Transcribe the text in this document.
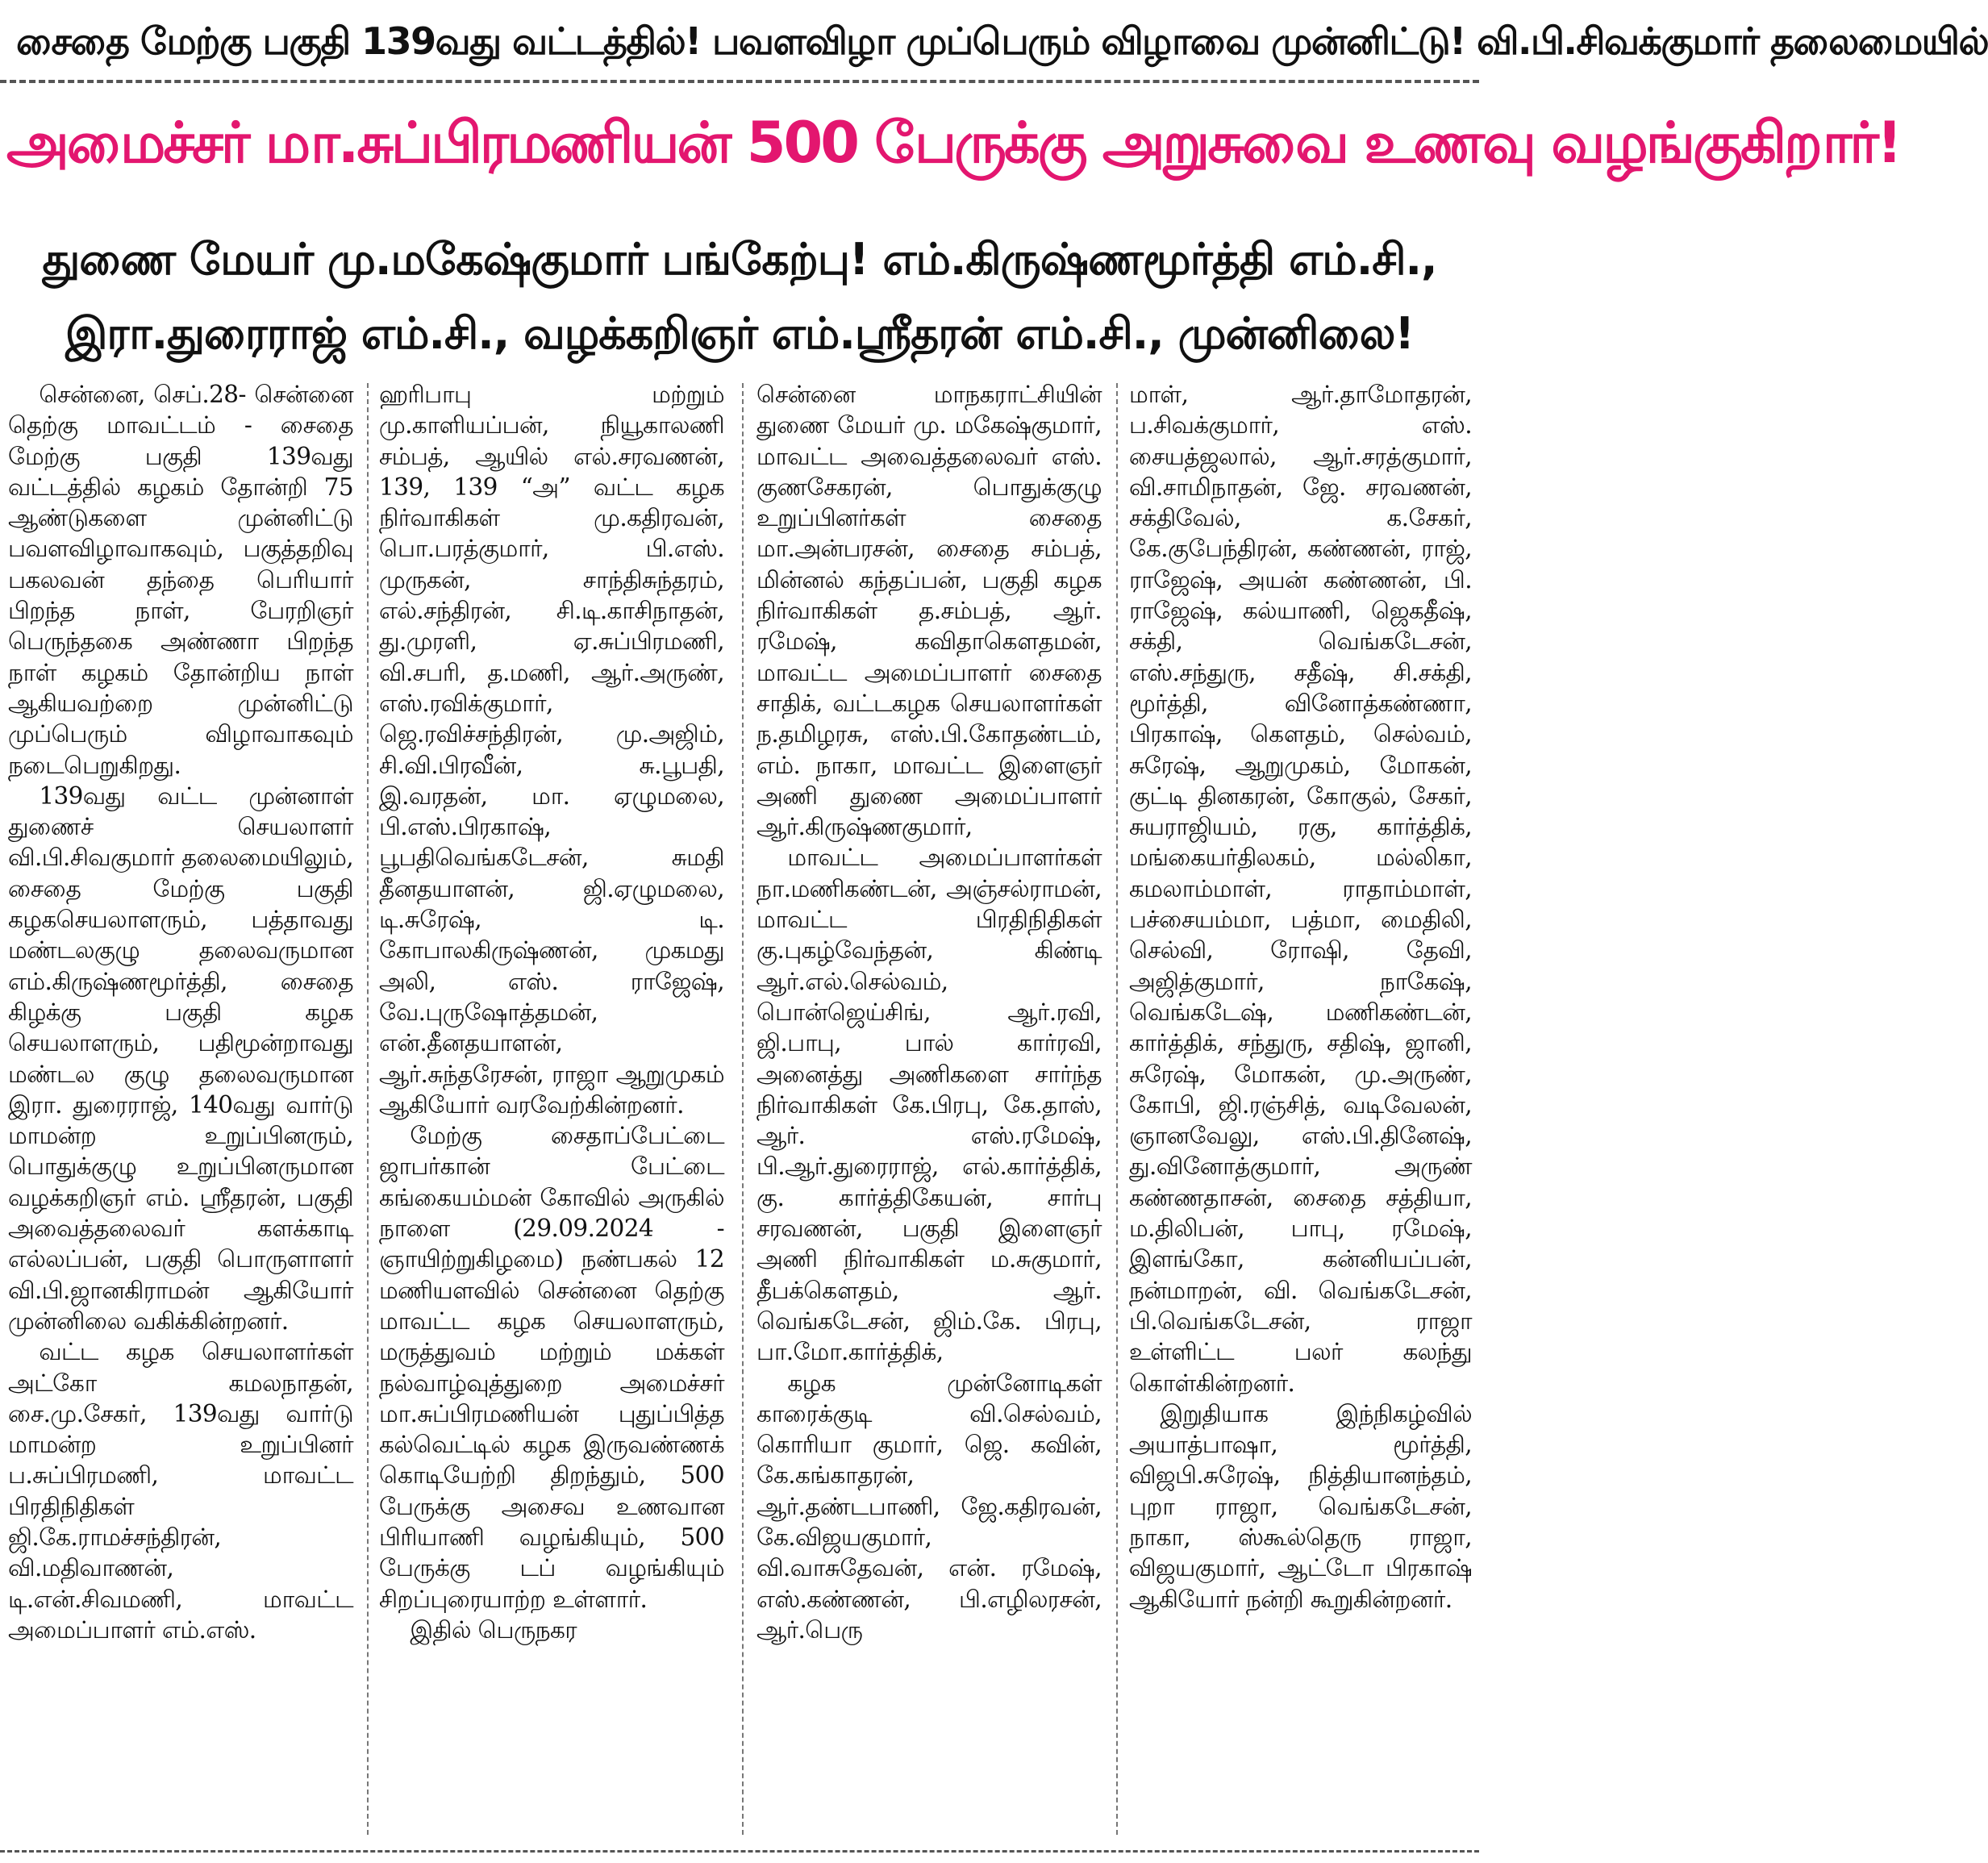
சைதை மேற்கு பகுதி 139வது வட்டத்தில்! பவளவிழா முப்பெரும் விழாவை முன்னிட்டு! வி.பி.சிவக்குமார் தலைமையில்
அமைச்சர் மா.சுப்பிரமணியன் 500 பேருக்கு அறுசுவை உணவு வழங்குகிறார்!
துணை மேயர் மு.மகேஷ்குமார் பங்கேற்பு! எம்.கிருஷ்ணமூர்த்தி எம்.சி.,
இரா.துரைராஜ் எம்.சி., வழக்கறிஞர் எம்.ஸ்ரீதரன் எம்.சி., முன்னிலை!

சென்னை, செப்.28- சென்னை தெற்கு மாவட்டம் - சைதை மேற்கு பகுதி 139வது வட்டத்தில் கழகம் தோன்றி 75 ஆண்டுகளை முன்னிட்டு பவளவிழாவாகவும், பகுத்தறிவு பகலவன் தந்தை பெரியார் பிறந்த நாள், பேரறிஞர் பெருந்தகை அண்ணா பிறந்த நாள் கழகம் தோன்றிய நாள் ஆகியவற்றை முன்னிட்டு முப்பெரும் விழாவாகவும் நடைபெறுகிறது.

139வது வட்ட முன்னாள் துணைச் செயலாளர் வி.பி.சிவகுமார் தலைமையிலும், சைதை மேற்கு பகுதி கழகசெயலாளரும், பத்தாவது மண்டலகுழு தலைவருமான எம்.கிருஷ்ணமூர்த்தி, சைதை கிழக்கு பகுதி கழக செயலாளரும், பதிமூன்றாவது மண்டல குழு தலைவருமான இரா. துரைராஜ், 140வது வார்டு மாமன்ற உறுப்பினரும், பொதுக்குழு உறுப்பினருமான வழக்கறிஞர் எம். ஸ்ரீதரன், பகுதி அவைத்தலைவர் களக்காடி எல்லப்பன், பகுதி பொருளாளர் வி.பி.ஜானகிராமன் ஆகியோர் முன்னிலை வகிக்கின்றனர்.

வட்ட கழக செயலாளர்கள் அட்கோ கமலநாதன், சை.மு.சேகர், 139வது வார்டு மாமன்ற உறுப்பினர் ப.சுப்பிரமணி, மாவட்ட பிரதிநிதிகள் ஜி.கே.ராமச்சந்திரன், வி.மதிவாணன், டி.என்.சிவமணி, மாவட்ட அமைப்பாளர் எம்.எஸ்.

ஹரிபாபு மற்றும் மு.காளியப்பன், நியூகாலணி சம்பத், ஆயில் எல்.சரவணன், 139, 139 “அ” வட்ட கழக நிர்வாகிகள் மு.கதிரவன், பொ.பரத்குமார், பி.எஸ். முருகன், சாந்திசுந்தரம், எல்.சந்திரன், சி.டி.காசிநாதன், து.முரளி, ஏ.சுப்பிரமணி, வி.சபரி, த.மணி, ஆர்.அருண், எஸ்.ரவிக்குமார், ஜெ.ரவிச்சந்திரன், மு.அஜிம், சி.வி.பிரவீன், சு.பூபதி, இ.வரதன், மா. ஏழுமலை, பி.எஸ்.பிரகாஷ், பூபதிவெங்கடேசன், சுமதி தீனதயாளன், ஜி.ஏழுமலை, டி.சுரேஷ், டி. கோபாலகிருஷ்ணன், முகமது அலி, எஸ். ராஜேஷ், வே.புருஷோத்தமன், என்.தீனதயாளன், ஆர்.சுந்தரேசன், ராஜா ஆறுமுகம் ஆகியோர் வரவேற்கின்றனர்.

மேற்கு சைதாப்பேட்டை ஜாபர்கான் பேட்டை கங்கையம்மன் கோவில் அருகில் நாளை (29.09.2024 - ஞாயிற்றுகிழமை) நண்பகல் 12 மணியளவில் சென்னை தெற்கு மாவட்ட கழக செயலாளரும், மருத்துவம் மற்றும் மக்கள் நல்வாழ்வுத்துறை அமைச்சர் மா.சுப்பிரமணியன் புதுப்பித்த கல்வெட்டில் கழக இருவண்ணக் கொடியேற்றி திறந்தும், 500 பேருக்கு அசைவ உணவான பிரியாணி வழங்கியும், 500 பேருக்கு டப் வழங்கியும் சிறப்புரையாற்ற உள்ளார்.

இதில் பெருநகர

சென்னை மாநகராட்சியின் துணை மேயர் மு. மகேஷ்குமார், மாவட்ட அவைத்தலைவர் எஸ். குணசேகரன், பொதுக்குழு உறுப்பினர்கள் சைதை மா.அன்பரசன், சைதை சம்பத், மின்னல் கந்தப்பன், பகுதி கழக நிர்வாகிகள் த.சம்பத், ஆர். ரமேஷ், கவிதாகௌதமன், மாவட்ட அமைப்பாளர் சைதை சாதிக், வட்டகழக செயலாளர்கள் ந.தமிழரசு, எஸ்.பி.கோதண்டம், எம். நாகா, மாவட்ட இளைஞர் அணி துணை அமைப்பாளர் ஆர்.கிருஷ்ணகுமார்,

மாவட்ட அமைப்பாளர்கள் நா.மணிகண்டன், அஞ்சல்ராமன், மாவட்ட பிரதிநிதிகள் கு.புகழ்வேந்தன், கிண்டி ஆர்.எல்.செல்வம், பொன்ஜெய்சிங், ஆர்.ரவி, ஜி.பாபு, பால் கார்ரவி, அனைத்து அணிகளை சார்ந்த நிர்வாகிகள் கே.பிரபு, கே.தாஸ், ஆர். எஸ்.ரமேஷ், பி.ஆர்.துரைராஜ், எல்.கார்த்திக், கு. கார்த்திகேயன், சார்பு சரவணன், பகுதி இளைஞர் அணி நிர்வாகிகள் ம.சுகுமார், தீபக்கௌதம், ஆர். வெங்கடேசன், ஜிம்.கே. பிரபு, பா.மோ.கார்த்திக்,

கழக முன்னோடிகள் காரைக்குடி வி.செல்வம், கொரியா குமார், ஜெ. கவின், கே.கங்காதரன், ஆர்.தண்டபாணி, ஜே.கதிரவன், கே.விஜயகுமார், வி.வாசுதேவன், என். ரமேஷ், எஸ்.கண்ணன், பி.எழிலரசன், ஆர்.பெரு

மாள், ஆர்.தாமோதரன், ப.சிவக்குமார், எஸ். சையத்ஜலால், ஆர்.சரத்குமார், வி.சாமிநாதன், ஜே. சரவணன், சக்திவேல், க.சேகர், கே.குபேந்திரன், கண்ணன், ராஜ், ராஜேஷ், அயன் கண்ணன், பி. ராஜேஷ், கல்யாணி, ஜெகதீஷ், சக்தி, வெங்கடேசன், எஸ்.சந்துரு, சதீஷ், சி.சக்தி, மூர்த்தி, வினோத்கண்ணா, பிரகாஷ், கௌதம், செல்வம், சுரேஷ், ஆறுமுகம், மோகன், குட்டி தினகரன், கோகுல், சேகர், சுயராஜியம், ரகு, கார்த்திக், மங்கையர்திலகம், மல்லிகா, கமலாம்மாள், ராதாம்மாள், பச்சையம்மா, பத்மா, மைதிலி, செல்வி, ரோஷி, தேவி, அஜித்குமார், நாகேஷ், வெங்கடேஷ், மணிகண்டன், கார்த்திக், சந்துரு, சதிஷ், ஜானி, சுரேஷ், மோகன், மு.அருண், கோபி, ஜி.ரஞ்சித், வடிவேலன், ஞானவேலு, எஸ்.பி.தினேஷ், து.வினோத்குமார், அருண் கண்ணதாசன், சைதை சத்தியா, ம.திலிபன், பாபு, ரமேஷ், இளங்கோ, கன்னியப்பன், நன்மாறன், வி. வெங்கடேசன், பி.வெங்கடேசன், ராஜா உள்ளிட்ட பலர் கலந்து கொள்கின்றனர்.

இறுதியாக இந்நிகழ்வில் அயாத்பாஷா, மூர்த்தி, விஜபி.சுரேஷ், நித்தியானந்தம், புறா ராஜா, வெங்கடேசன், நாகா, ஸ்கூல்தெரு ராஜா, விஜயகுமார், ஆட்டோ பிரகாஷ் ஆகியோர் நன்றி கூறுகின்றனர்.
